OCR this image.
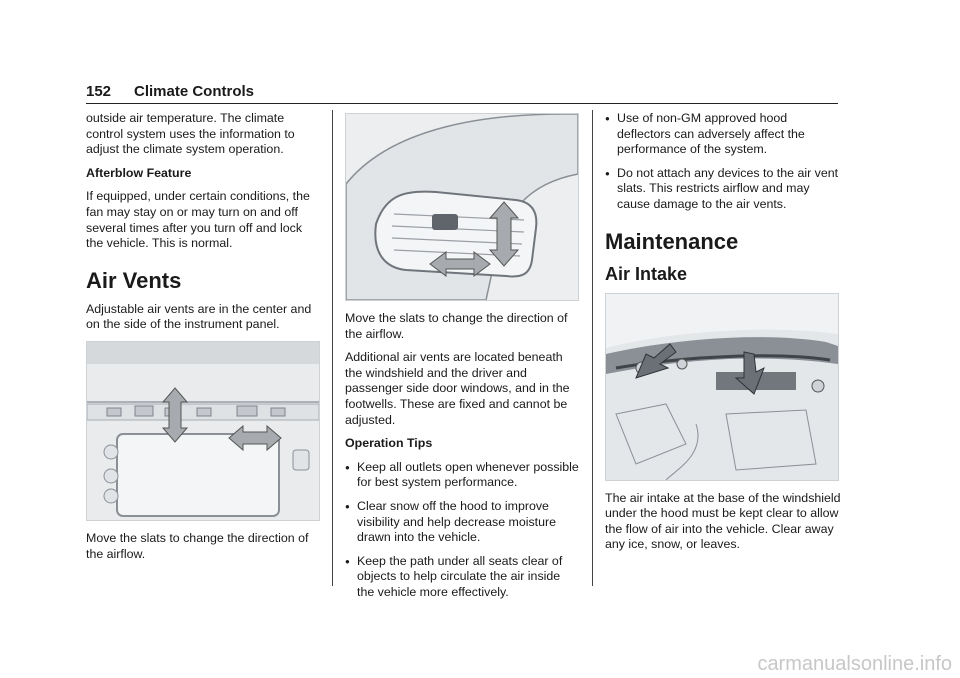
152 Climate Controls

outside air temperature. The climate control system uses the information to adjust the climate system operation.

Afterblow Feature

If equipped, under certain conditions, the fan may stay on or may turn on and off several times after you turn off and lock the vehicle. This is normal.

Air Vents

Adjustable air vents are in the center and on the side of the instrument panel.

Move the slats to change the direction of the airflow.

Move the slats to change the direction of the airflow.

Additional air vents are located beneath the windshield and the driver and passenger side door windows, and in the footwells. These are fixed and cannot be adjusted.

Operation Tips

● Keep all outlets open whenever possible for best system performance.
● Clear snow off the hood to improve visibility and help decrease moisture drawn into the vehicle.
● Keep the path under all seats clear of objects to help circulate the air inside the vehicle more effectively.
● Use of non-GM approved hood deflectors can adversely affect the performance of the system.
● Do not attach any devices to the air vent slats. This restricts airflow and may cause damage to the air vents.
Maintenance
Air Intake

The air intake at the base of the windshield under the hood must be kept clear to allow the flow of air into the vehicle. Clear away any ice, snow, or leaves.

carmanualsonline.info
